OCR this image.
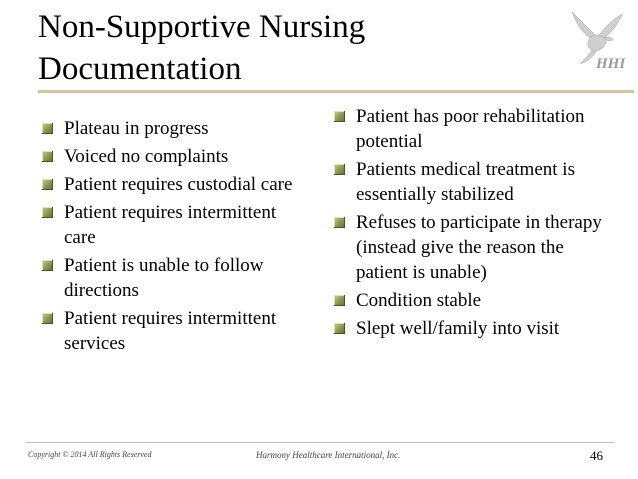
Non-Supportive Nursing
Documentation	HHI
Plateau in progress
Voiced no complaints
Patient requires custodial care
Patient requires intermittent care
Patient is unable to follow directions
Patient requires intermittent services
Patient has poor rehabilitation potential
Patients medical treatment is essentially stabilized
Refuses to participate in therapy (instead give the reason the patient is unable)
Condition stable
Slept well/family into visit
Copyright © 2014 All Rights Reserved	Harmony Healthcare International, Inc.	46
